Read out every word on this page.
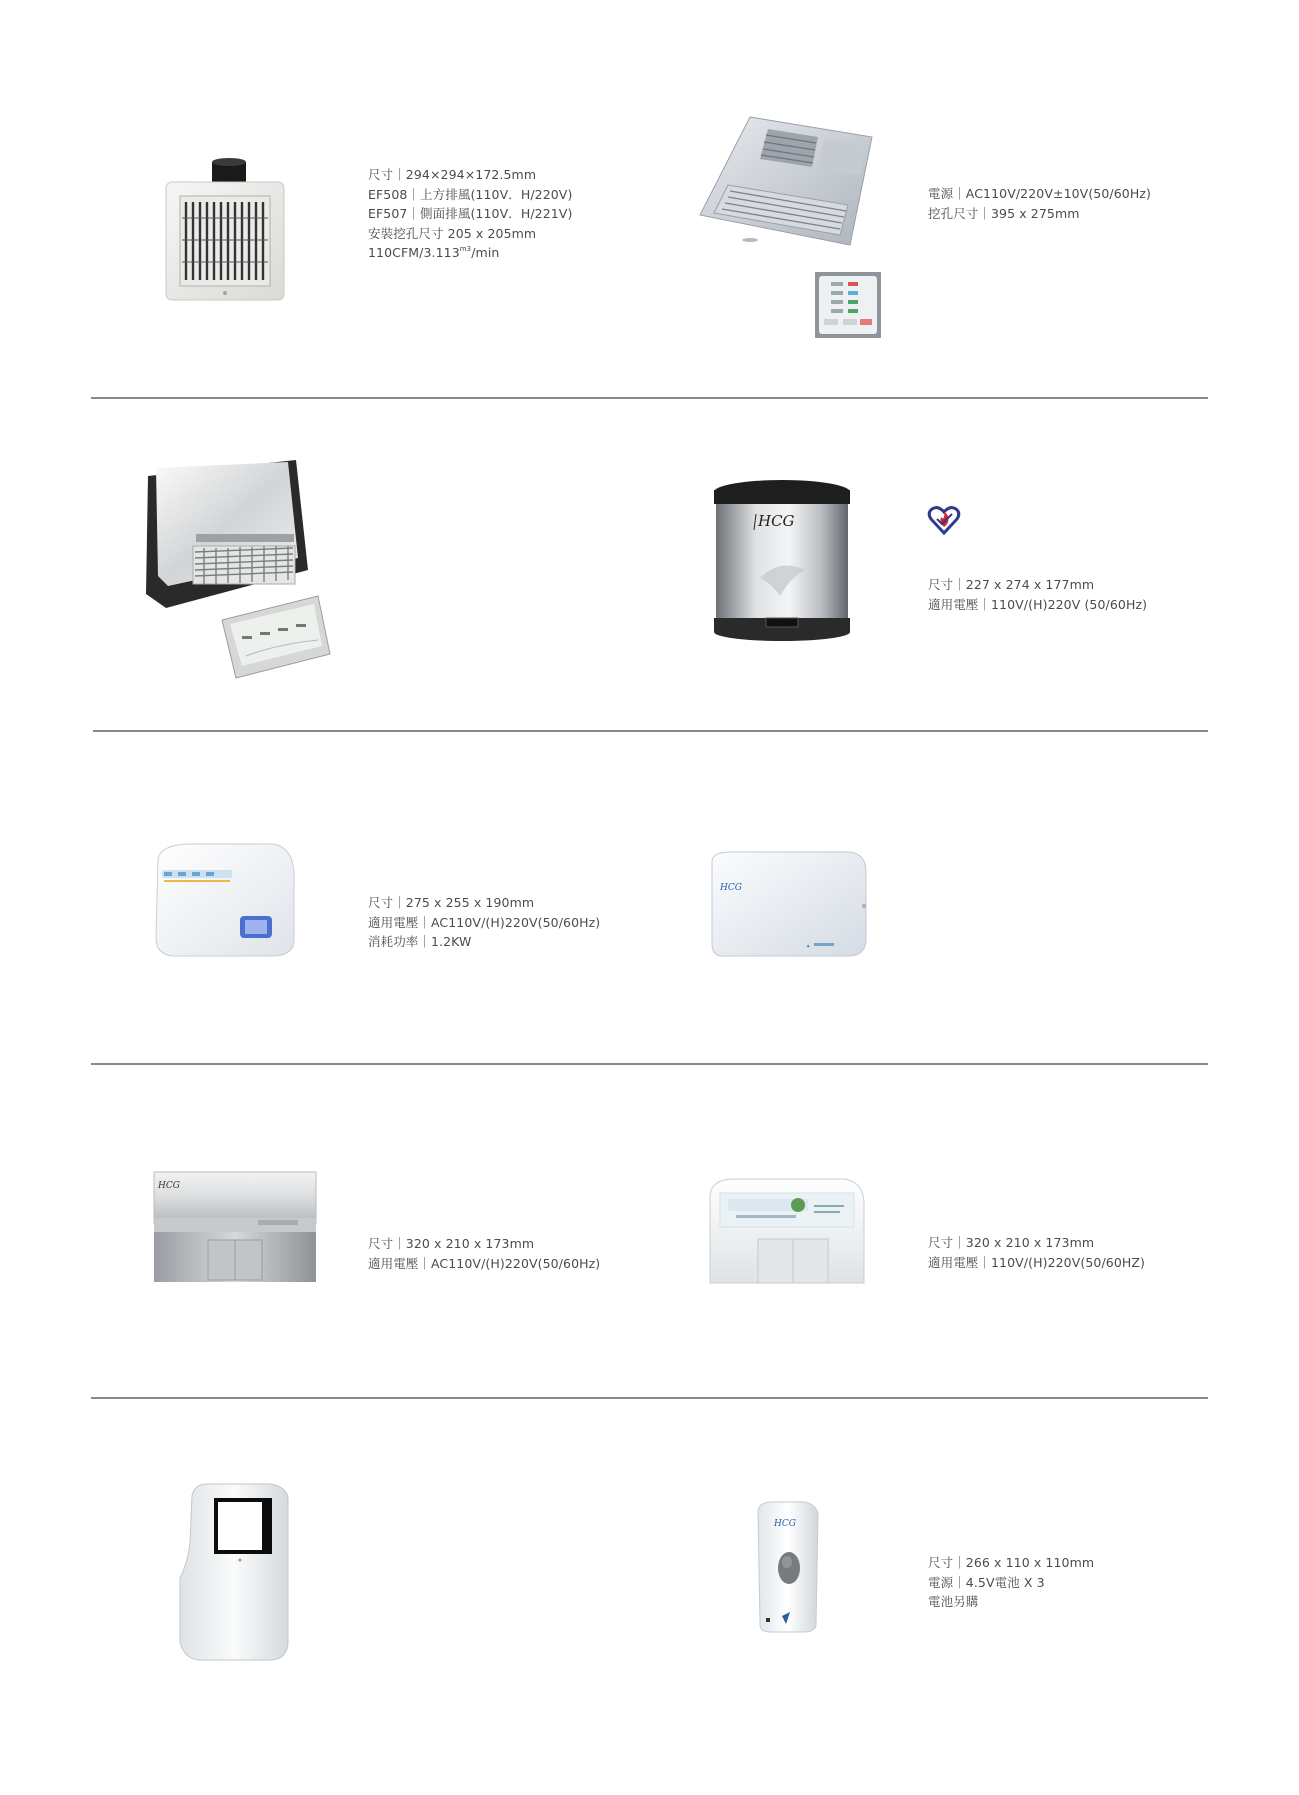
尺寸｜294×294×172.5mm
EF508｜上方排風(110V．H/220V)
EF507｜側面排風(110V．H/221V)
安裝挖孔尺寸 205 x 205mm
$110CFM/3.113^{m3}/\min$
電源｜AC110V/220V±10V(50/60Hz)
挖孔尺寸｜395 x 275mm
HCG
尺寸｜227 x 274 x 177mm
適用電壓｜110V/(H)220V (50/60Hz)
尺寸｜275 x 255 x 190mm
適用電壓｜AC110V/(H)220V(50/60Hz)
消耗功率｜1.2KW
HCG
✦
HCG
尺寸｜320 x 210 x 173mm
適用電壓｜AC110V/(H)220V(50/60Hz)
尺寸｜320 x 210 x 173mm
適用電壓｜110V/(H)220V(50/60HZ)
HCG
尺寸｜266 x 110 x 110mm
電源｜4.5V電池 X 3
電池另購
